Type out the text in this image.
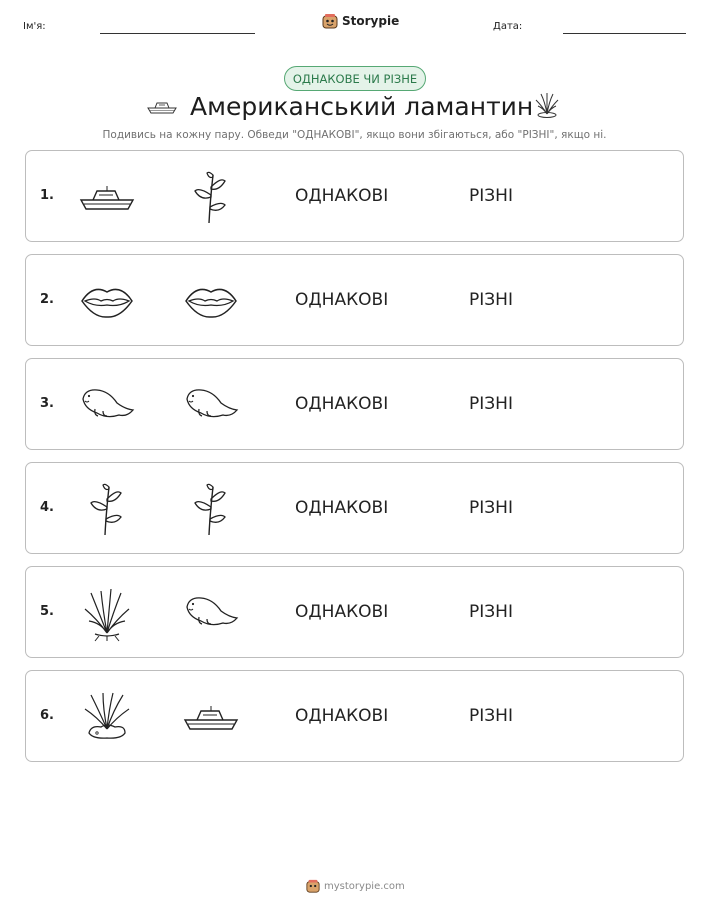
Ім'я:	Storypie	Дата:
ОДНАКОВЕ ЧИ РІЗНЕ
Американський ламантин
Подивись на кожну пару. Обведи "ОДНАКОВІ", якщо вони збігаються, або "РІЗНІ", якщо ні.
1.	ОДНАКОВІ	РІЗНІ
2.	ОДНАКОВІ	РІЗНІ
3.	ОДНАКОВІ	РІЗНІ
4.	ОДНАКОВІ	РІЗНІ
5.	ОДНАКОВІ	РІЗНІ
6.	ОДНАКОВІ	РІЗНІ
mystorypie.com
